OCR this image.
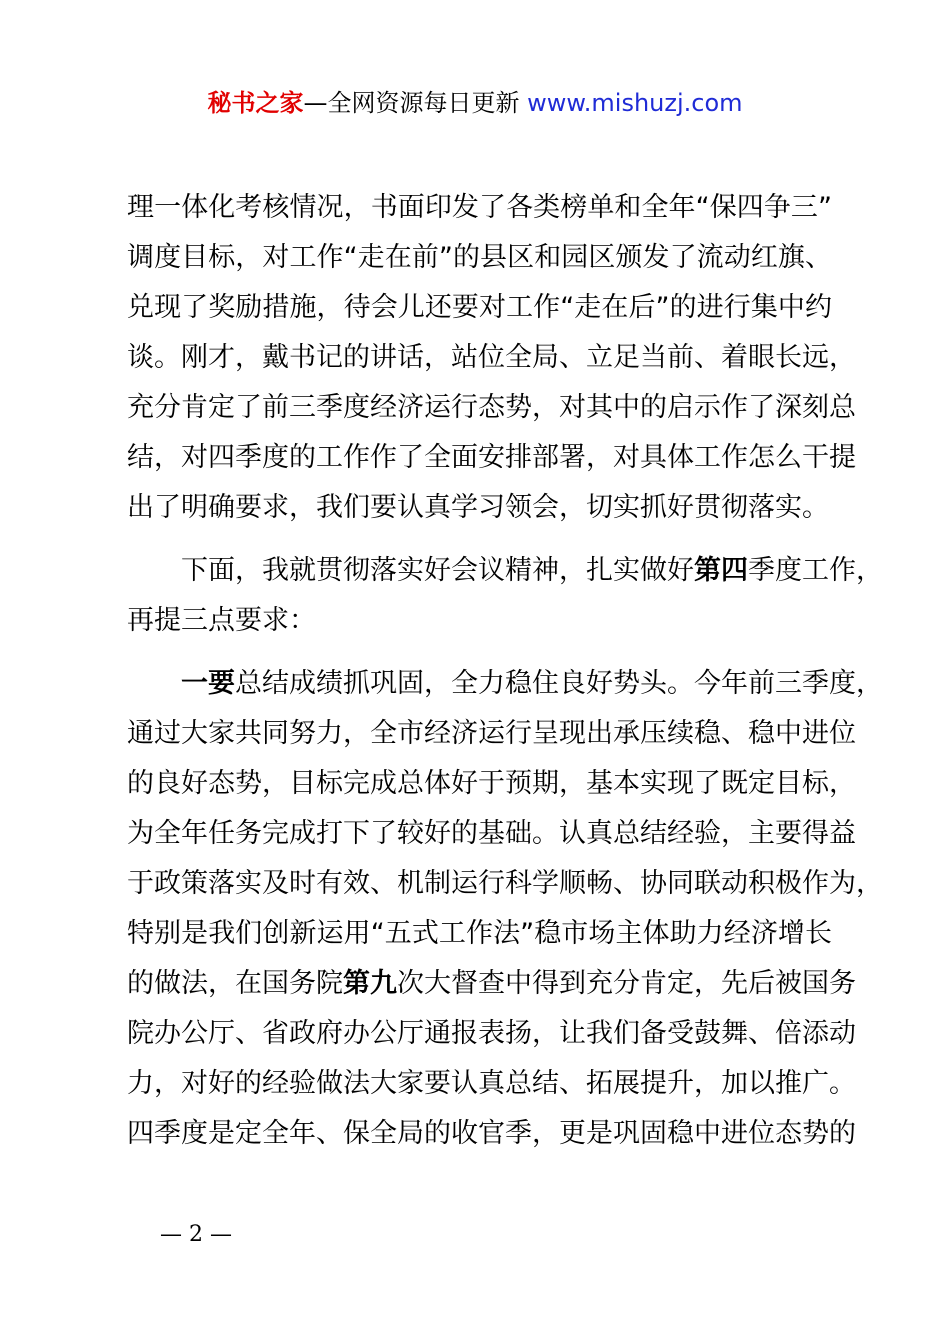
秘书之家—全网资源每日更新 www.mishuzj.com
理一体化考核情况，书面印发了各类榜单和全年“保四争三”
调度目标，对工作“走在前”的县区和园区颁发了流动红旗、
兑现了奖励措施，待会儿还要对工作“走在后”的进行集中约
谈。刚才，戴书记的讲话，站位全局、立足当前、着眼长远，
充分肯定了前三季度经济运行态势，对其中的启示作了深刻总
结，对四季度的工作作了全面安排部署，对具体工作怎么干提
出了明确要求，我们要认真学习领会，切实抓好贯彻落实。
下面，我就贯彻落实好会议精神，扎实做好第四季度工作，
再提三点要求：
一要总结成绩抓巩固，全力稳住良好势头。今年前三季度，
通过大家共同努力，全市经济运行呈现出承压续稳、稳中进位
的良好态势，目标完成总体好于预期，基本实现了既定目标，
为全年任务完成打下了较好的基础。认真总结经验，主要得益
于政策落实及时有效、机制运行科学顺畅、协同联动积极作为，
特别是我们创新运用“五式工作法”稳市场主体助力经济增长
的做法，在国务院第九次大督查中得到充分肯定，先后被国务
院办公厅、省政府办公厅通报表扬，让我们备受鼓舞、倍添动
力，对好的经验做法大家要认真总结、拓展提升，加以推广。
四季度是定全年、保全局的收官季，更是巩固稳中进位态势的
— 2 —
